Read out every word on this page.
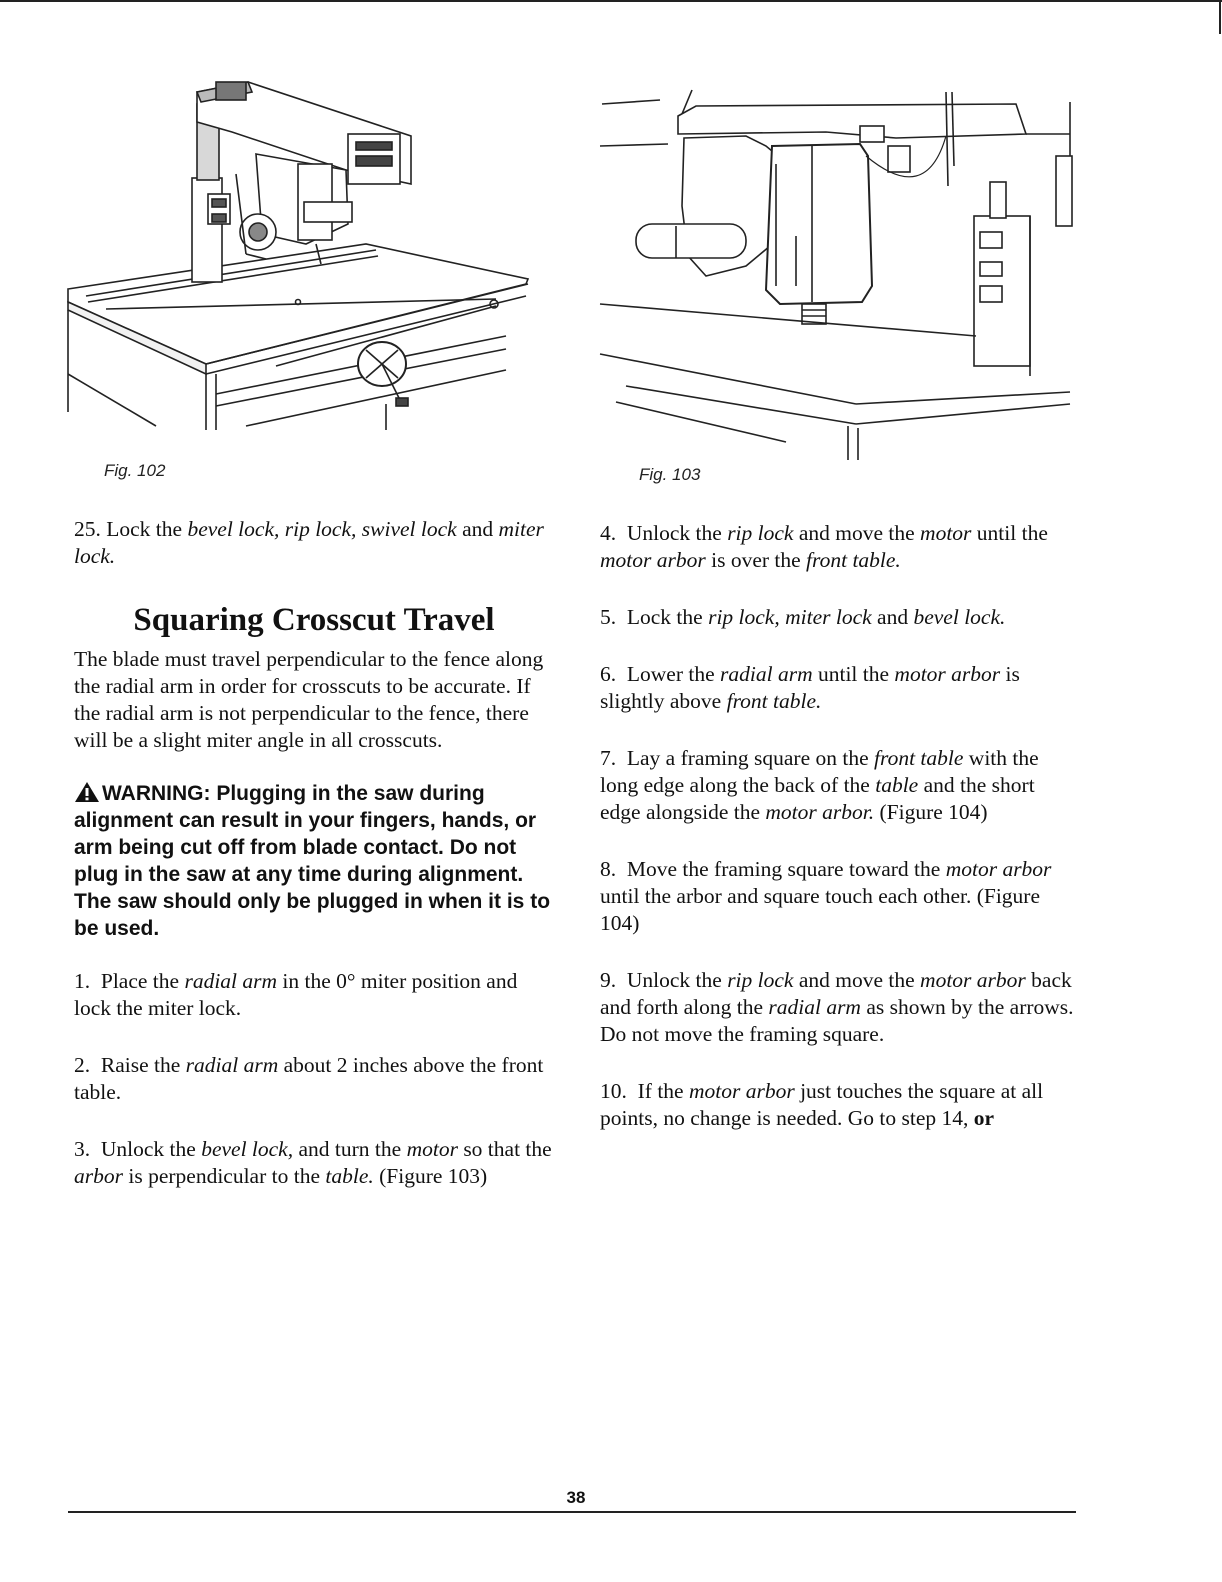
Fig. 102	Fig. 103

25. Lock the bevel lock, rip lock, swivel lock and miter lock.

Squaring Crosscut Travel

The blade must travel perpendicular to the fence along the radial arm in order for crosscuts to be accurate. If the radial arm is not perpendicular to the fence, there will be a slight miter angle in all crosscuts.

WARNING: Plugging in the saw during alignment can result in your fingers, hands, or arm being cut off from blade contact. Do not plug in the saw at any time during alignment. The saw should only be plugged in when it is to be used.

1. Place the radial arm in the 0° miter position and lock the miter lock.

2. Raise the radial arm about 2 inches above the front table.

3. Unlock the bevel lock, and turn the motor so that the arbor is perpendicular to the table. (Figure 103)

4. Unlock the rip lock and move the motor until the motor arbor is over the front table.

5. Lock the rip lock, miter lock and bevel lock.

6. Lower the radial arm until the motor arbor is slightly above front table.

7. Lay a framing square on the front table with the long edge along the back of the table and the short edge alongside the motor arbor. (Figure 104)

8. Move the framing square toward the motor arbor until the arbor and square touch each other. (Figure 104)

9. Unlock the rip lock and move the motor arbor back and forth along the radial arm as shown by the arrows. Do not move the framing square.

10. If the motor arbor just touches the square at all points, no change is needed. Go to step 14, or

38
